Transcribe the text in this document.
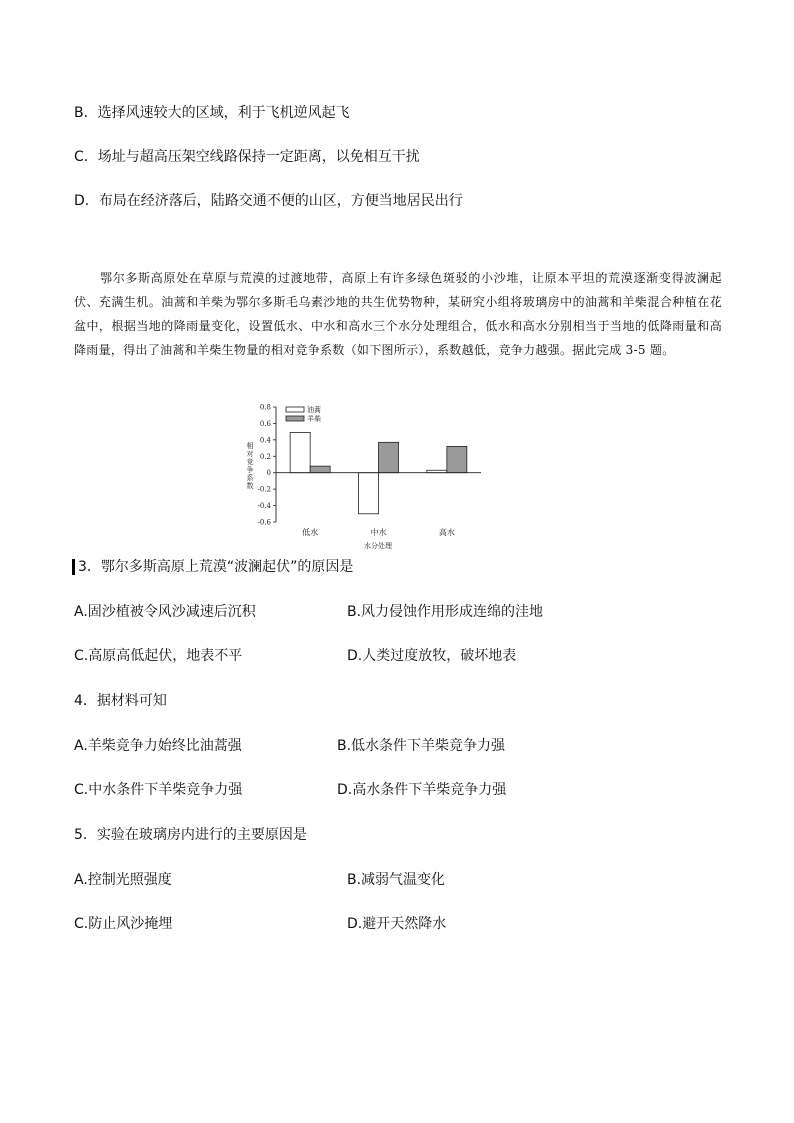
B．选择风速较大的区域，利于飞机逆风起飞
C．场址与超高压架空线路保持一定距离，以免相互干扰
D．布局在经济落后，陆路交通不便的山区，方便当地居民出行
鄂尔多斯高原处在草原与荒漠的过渡地带，高原上有许多绿色斑驳的小沙堆，让原本平坦的荒漠逐渐变得波澜起伏、充满生机。油蒿和羊柴为鄂尔多斯毛乌素沙地的共生优势物种，某研究小组将玻璃房中的油蒿和羊柴混合种植在花盆中，根据当地的降雨量变化，设置低水、中水和高水三个水分处理组合，低水和高水分别相当于当地的低降雨量和高降雨量，得出了油蒿和羊柴生物量的相对竞争系数（如下图所示），系数越低，竞争力越强。据此完成 3-5 题。
油蒿
羊柴
相
对
竞
争
系
数
0.8
0.6
0.4
0.2
0
-0.2
-0.4
-0.6
低水	中水	高水
水分处理
3．鄂尔多斯高原上荒漠“波澜起伏”的原因是
A.固沙植被令风沙减速后沉积	B.风力侵蚀作用形成连绵的洼地
C.高原高低起伏，地表不平	D.人类过度放牧，破坏地表
4．据材料可知
A.羊柴竞争力始终比油蒿强	B.低水条件下羊柴竞争力强
C.中水条件下羊柴竞争力强	D.高水条件下羊柴竞争力强
5．实验在玻璃房内进行的主要原因是
A.控制光照强度	B.减弱气温变化
C.防止风沙掩埋	D.避开天然降水
